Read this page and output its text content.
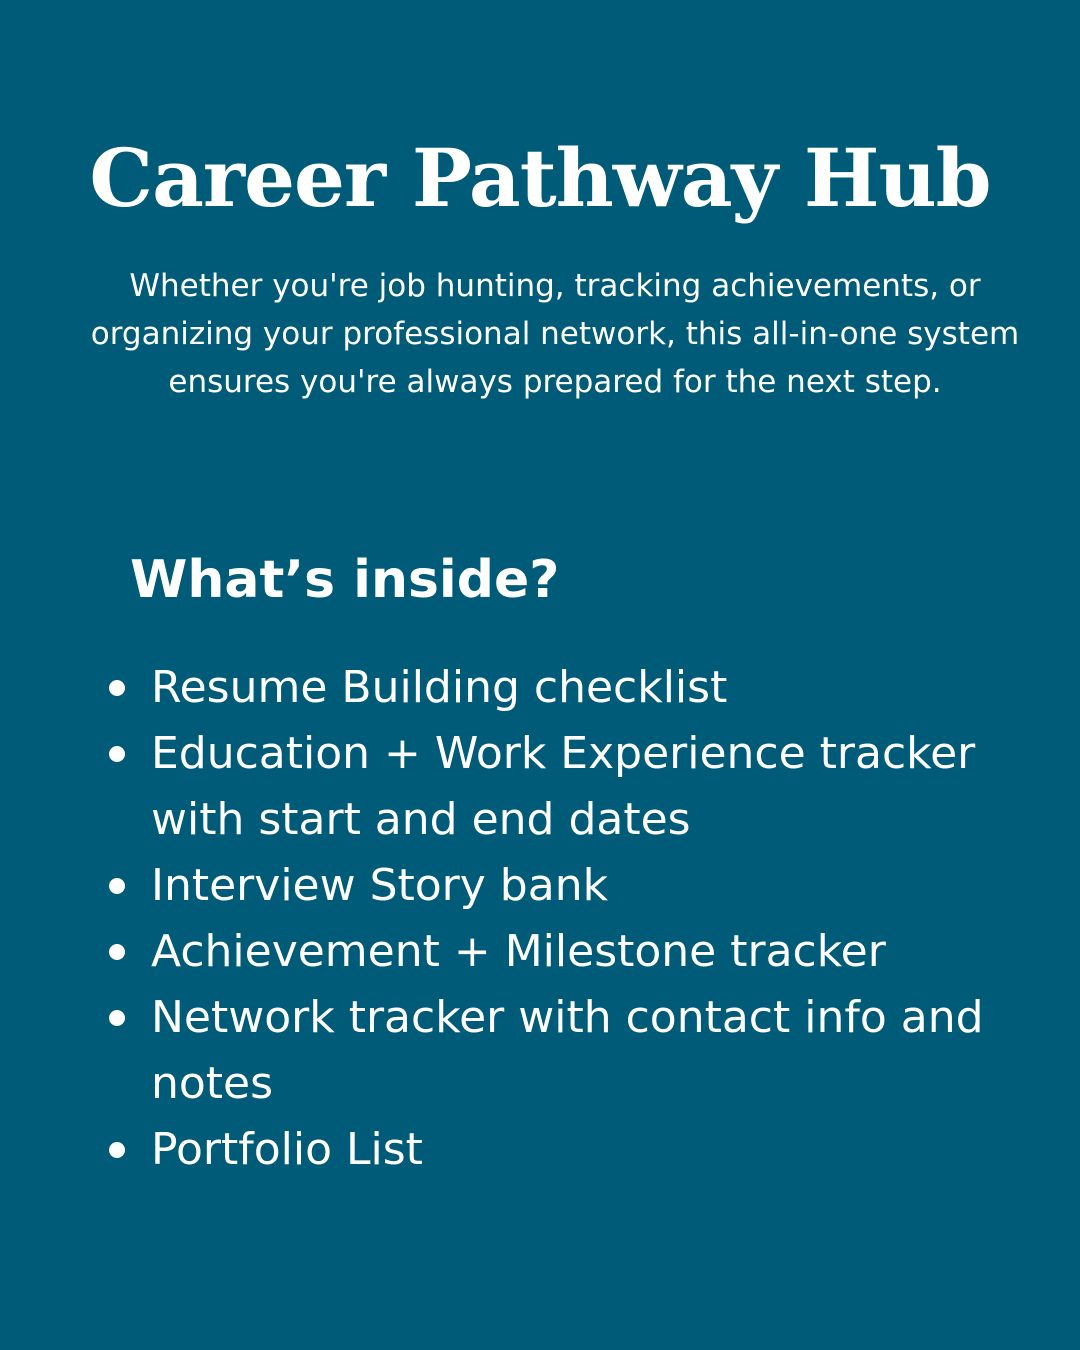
Career Pathway Hub

Whether you're job hunting, tracking achievements, or organizing your professional network, this all-in-one system ensures you're always prepared for the next step.

What’s inside?
Resume Building checklist
Education + Work Experience tracker with start and end dates
Interview Story bank
Achievement + Milestone tracker
Network tracker with contact info and notes
Portfolio List
